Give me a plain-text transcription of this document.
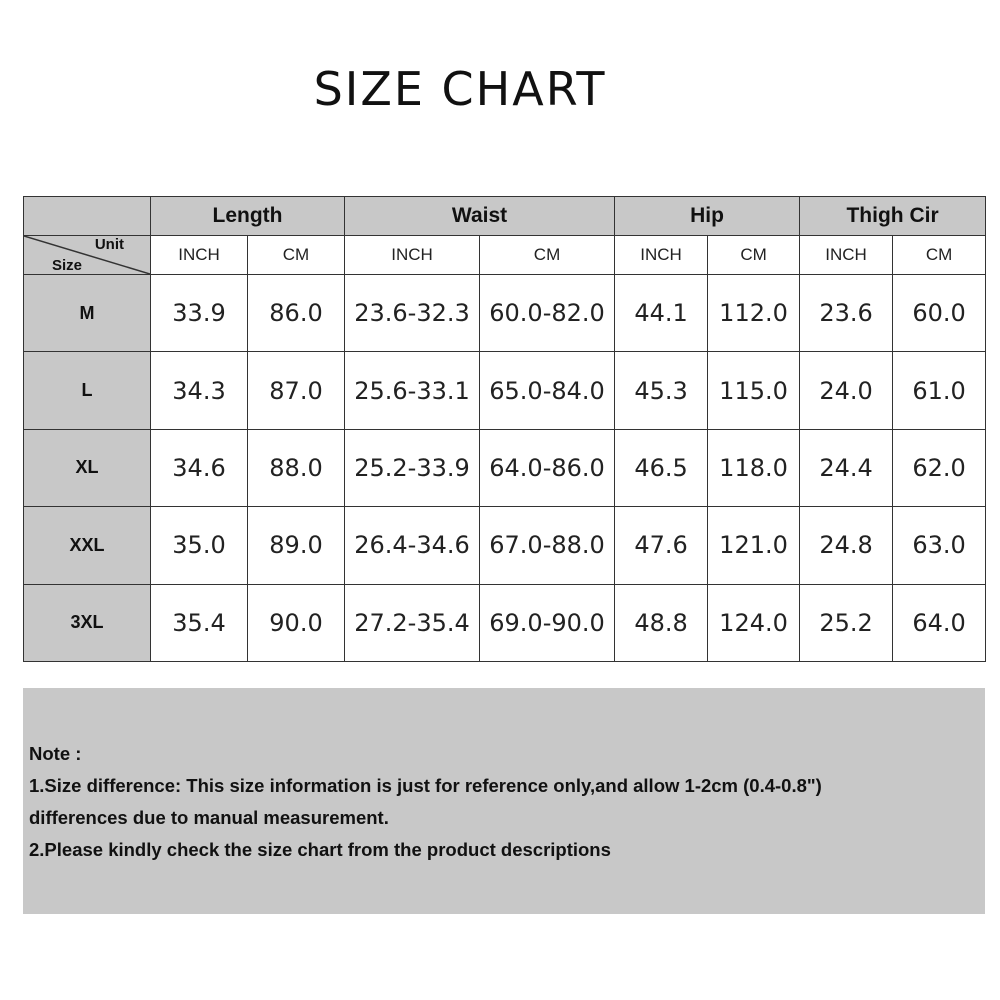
SIZE CHART
	Length		Waist		Hip		Thigh Cir	

Unit
Size	INCH	CM	INCH	CM	INCH	CM	INCH	CM
M	33.9	86.0	23.6-32.3	60.0-82.0	44.1	112.0	23.6	60.0
L	34.3	87.0	25.6-33.1	65.0-84.0	45.3	115.0	24.0	61.0
XL	34.6	88.0	25.2-33.9	64.0-86.0	46.5	118.0	24.4	62.0
XXL	35.0	89.0	26.4-34.6	67.0-88.0	47.6	121.0	24.8	63.0
3XL	35.4	90.0	27.2-35.4	69.0-90.0	48.8	124.0	25.2	64.0
Note :
1.Size difference: This size information is just for reference only,and allow 1-2cm (0.4-0.8")
differences due to manual measurement.
2.Please kindly check the size chart from the product descriptions
